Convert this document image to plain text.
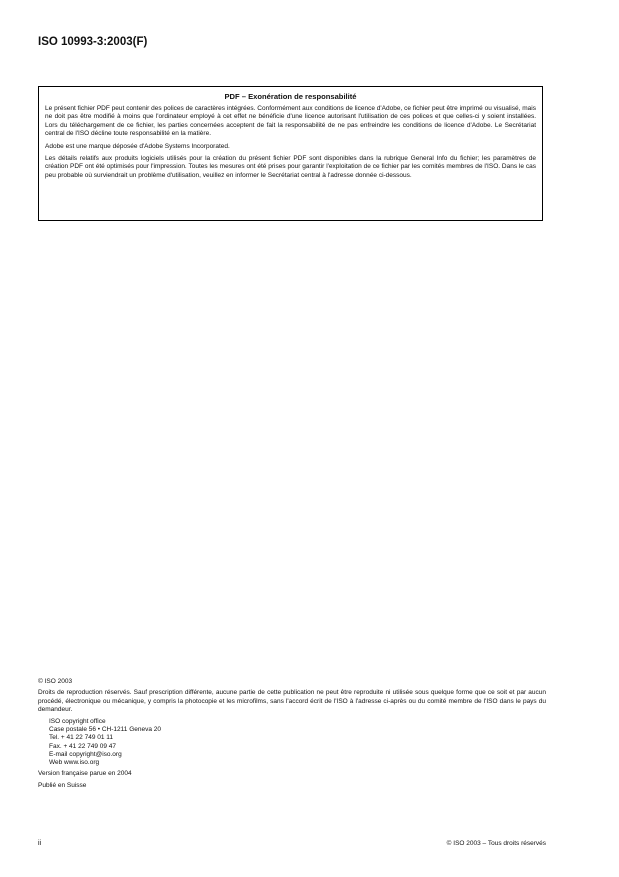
ISO 10993-3:2003(F)
PDF – Exonération de responsabilité

Le présent fichier PDF peut contenir des polices de caractères intégrées. Conformément aux conditions de licence d'Adobe, ce fichier peut être imprimé ou visualisé, mais ne doit pas être modifié à moins que l'ordinateur employé à cet effet ne bénéficie d'une licence autorisant l'utilisation de ces polices et que celles-ci y soient installées. Lors du téléchargement de ce fichier, les parties concernées acceptent de fait la responsabilité de ne pas enfreindre les conditions de licence d'Adobe. Le Secrétariat central de l'ISO décline toute responsabilité en la matière.

Adobe est une marque déposée d'Adobe Systems Incorporated.

Les détails relatifs aux produits logiciels utilisés pour la création du présent fichier PDF sont disponibles dans la rubrique General Info du fichier; les paramètres de création PDF ont été optimisés pour l'impression. Toutes les mesures ont été prises pour garantir l'exploitation de ce fichier par les comités membres de l'ISO. Dans le cas peu probable où surviendrait un problème d'utilisation, veuillez en informer le Secrétariat central à l'adresse donnée ci-dessous.

© ISO 2003

Droits de reproduction réservés. Sauf prescription différente, aucune partie de cette publication ne peut être reproduite ni utilisée sous quelque forme que ce soit et par aucun procédé, électronique ou mécanique, y compris la photocopie et les microfilms, sans l'accord écrit de l'ISO à l'adresse ci-après ou du comité membre de l'ISO dans le pays du demandeur.

ISO copyright office
Case postale 56 • CH-1211 Geneva 20
Tel. + 41 22 749 01 11
Fax. + 41 22 749 09 47
E-mail copyright@iso.org
Web www.iso.org

Version française parue en 2004

Publié en Suisse

ii	© ISO 2003 – Tous droits réservés
